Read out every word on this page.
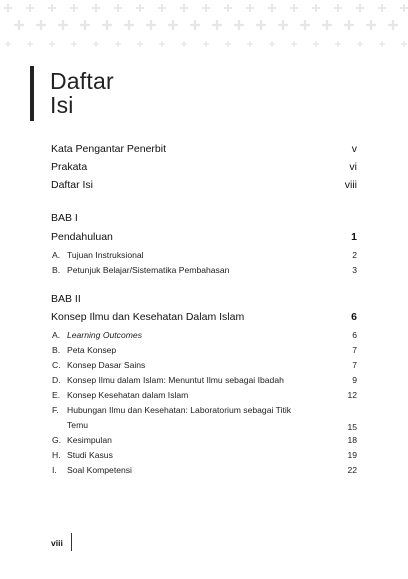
Daftar
Isi
Kata Pengantar Penerbit	v
Prakata	vi
Daftar Isi	viii
BAB I
Pendahuluan	1
A. Tujuan Instruksional	2
B. Petunjuk Belajar/Sistematika Pembahasan	3
BAB II
Konsep Ilmu dan Kesehatan Dalam Islam	6
A. Learning Outcomes	6
B. Peta Konsep	7
C. Konsep Dasar Sains	7
D. Konsep Ilmu dalam Islam: Menuntut Ilmu sebagai Ibadah	9
E. Konsep Kesehatan dalam Islam	12
F. Hubungan Ilmu dan Kesehatan: Laboratorium sebagai Titik
Temu	15
G. Kesimpulan	18
H. Studi Kasus	19
I.	Soal Kompetensi	22
viii
